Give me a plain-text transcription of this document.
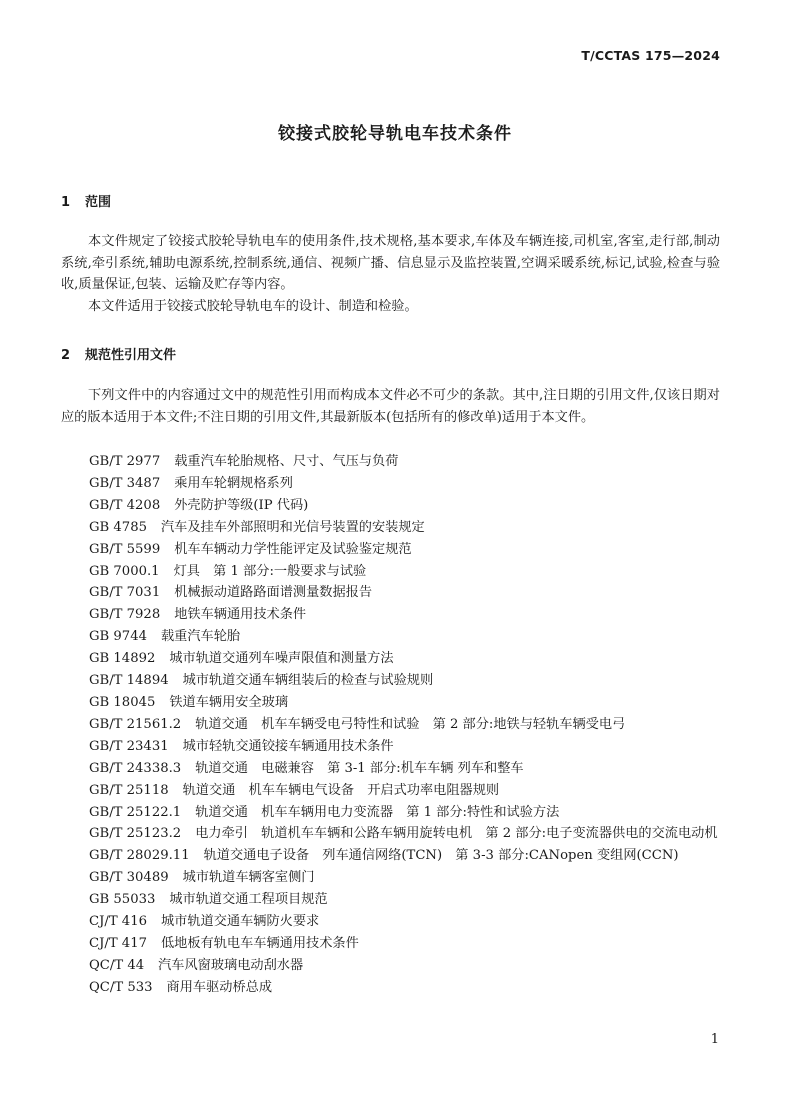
T/CCTAS 175—2024
铰接式胶轮导轨电车技术条件
1 范围

本文件规定了铰接式胶轮导轨电车的使用条件,技术规格,基本要求,车体及车辆连接,司机室,客室,走行部,制动系统,牵引系统,辅助电源系统,控制系统,通信、视频广播、信息显示及监控装置,空调采暖系统,标记,试验,检查与验收,质量保证,包装、运输及贮存等内容。

本文件适用于铰接式胶轮导轨电车的设计、制造和检验。

2 规范性引用文件

下列文件中的内容通过文中的规范性引用而构成本文件必不可少的条款。其中,注日期的引用文件,仅该日期对应的版本适用于本文件;不注日期的引用文件,其最新版本(包括所有的修改单)适用于本文件。

GB/T 2977 载重汽车轮胎规格、尺寸、气压与负荷
GB/T 3487 乘用车轮辋规格系列
GB/T 4208 外壳防护等级(IP 代码)
GB 4785 汽车及挂车外部照明和光信号装置的安装规定
GB/T 5599 机车车辆动力学性能评定及试验鉴定规范
GB 7000.1 灯具　第 1 部分:一般要求与试验
GB/T 7031 机械振动道路路面谱测量数据报告
GB/T 7928 地铁车辆通用技术条件
GB 9744 载重汽车轮胎
GB 14892 城市轨道交通列车噪声限值和测量方法
GB/T 14894 城市轨道交通车辆组装后的检查与试验规则
GB 18045 铁道车辆用安全玻璃
GB/T 21561.2 轨道交通　机车车辆受电弓特性和试验　第 2 部分:地铁与轻轨车辆受电弓
GB/T 23431 城市轻轨交通铰接车辆通用技术条件
GB/T 24338.3 轨道交通　电磁兼容　第 3-1 部分:机车车辆 列车和整车
GB/T 25118 轨道交通　机车车辆电气设备　开启式功率电阻器规则
GB/T 25122.1 轨道交通　机车车辆用电力变流器　第 1 部分:特性和试验方法
GB/T 25123.2 电力牵引　轨道机车车辆和公路车辆用旋转电机　第 2 部分:电子变流器供电的交流电动机
GB/T 28029.11 轨道交通电子设备　列车通信网络(TCN)　第 3-3 部分:CANopen 变组网(CCN)
GB/T 30489 城市轨道车辆客室侧门
GB 55033 城市轨道交通工程项目规范
CJ/T 416 城市轨道交通车辆防火要求
CJ/T 417 低地板有轨电车车辆通用技术条件
QC/T 44 汽车风窗玻璃电动刮水器
QC/T 533 商用车驱动桥总成
1
